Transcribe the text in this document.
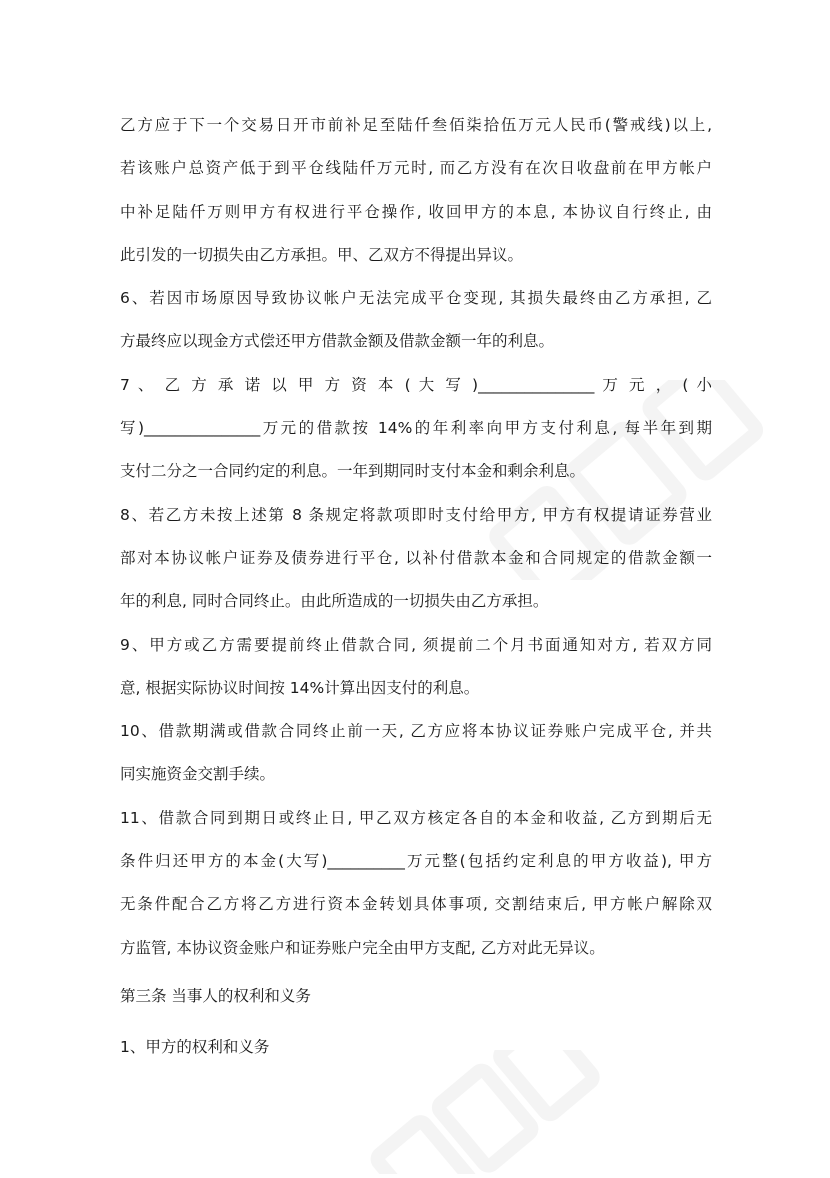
乙方应于下一个交易日开市前补足至陆仟叁佰柒拾伍万元人民币(警戒线)以上,
若该账户总资产低于到平仓线陆仟万元时, 而乙方没有在次日收盘前在甲方帐户
中补足陆仟万则甲方有权进行平仓操作, 收回甲方的本息, 本协议自行终止, 由
此引发的一切损失由乙方承担。甲、乙双方不得提出异议。
6、若因市场原因导致协议帐户无法完成平仓变现, 其损失最终由乙方承担, 乙
方最终应以现金方式偿还甲方借款金额及借款金额一年的利息。
7 、 乙 方 承 诺 以 甲 方 资 本 ( 大 写 )_______________ 万 元 ， ( 小
写)_______________万元的借款按 14%的年利率向甲方支付利息, 每半年到期
支付二分之一合同约定的利息。一年到期同时支付本金和剩余利息。
8、若乙方未按上述第 8 条规定将款项即时支付给甲方, 甲方有权提请证券营业
部对本协议帐户证券及债券进行平仓, 以补付借款本金和合同规定的借款金额一
年的利息, 同时合同终止。由此所造成的一切损失由乙方承担。
9、甲方或乙方需要提前终止借款合同, 须提前二个月书面通知对方, 若双方同
意, 根据实际协议时间按 14%计算出因支付的利息。
10、借款期满或借款合同终止前一天, 乙方应将本协议证券账户完成平仓, 并共
同实施资金交割手续。
11、借款合同到期日或终止日, 甲乙双方核定各自的本金和收益, 乙方到期后无
条件归还甲方的本金(大写)__________万元整(包括约定利息的甲方收益), 甲方
无条件配合乙方将乙方进行资本金转划具体事项, 交割结束后, 甲方帐户解除双
方监管, 本协议资金账户和证券账户完全由甲方支配, 乙方对此无异议。
第三条 当事人的权利和义务
1、甲方的权利和义务
